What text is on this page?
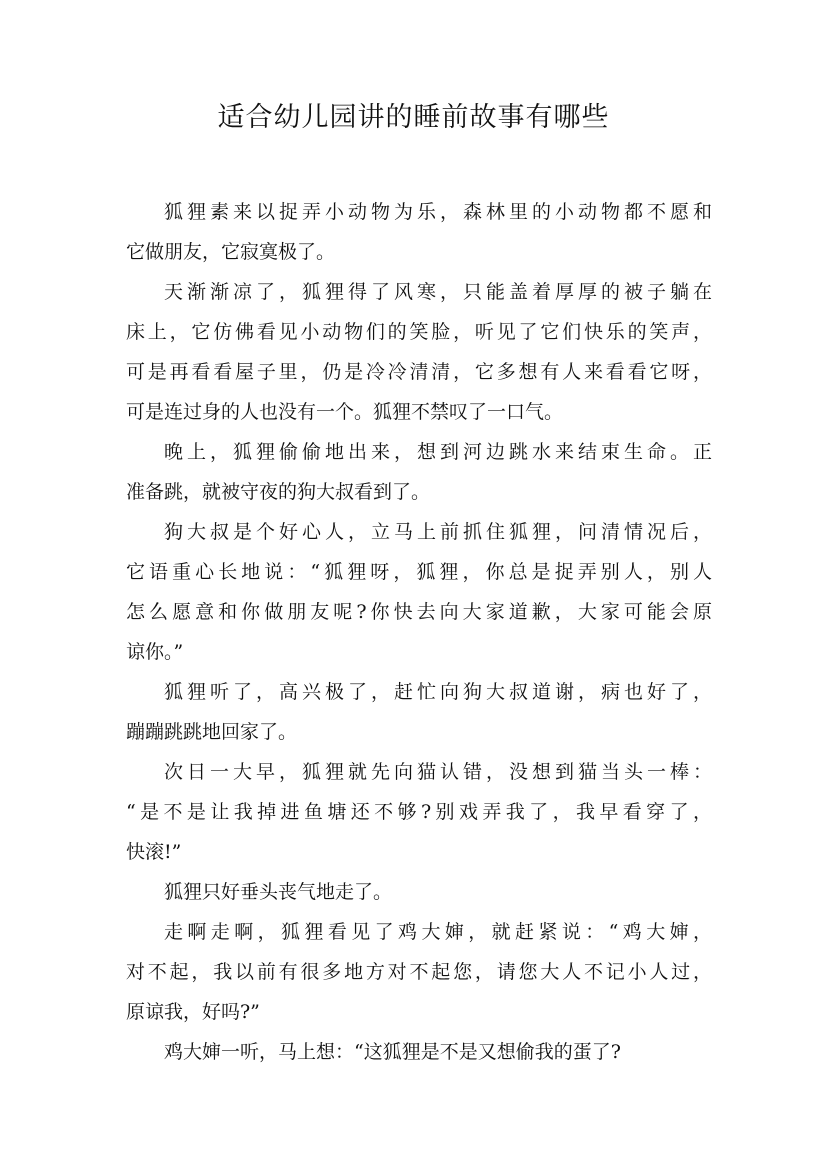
适合幼儿园讲的睡前故事有哪些
狐狸素来以捉弄小动物为乐，森林里的小动物都不愿和
它做朋友，它寂寞极了。
天渐渐凉了，狐狸得了风寒，只能盖着厚厚的被子躺在
床上，它仿佛看见小动物们的笑脸，听见了它们快乐的笑声，
可是再看看屋子里，仍是冷冷清清，它多想有人来看看它呀，
可是连过身的人也没有一个。狐狸不禁叹了一口气。
晚上，狐狸偷偷地出来，想到河边跳水来结束生命。正
准备跳，就被守夜的狗大叔看到了。
狗大叔是个好心人，立马上前抓住狐狸，问清情况后，
它语重心长地说：“狐狸呀，狐狸，你总是捉弄别人，别人
怎么愿意和你做朋友呢?你快去向大家道歉，大家可能会原
谅你。”
狐狸听了，高兴极了，赶忙向狗大叔道谢，病也好了，
蹦蹦跳跳地回家了。
次日一大早，狐狸就先向猫认错，没想到猫当头一棒：
“是不是让我掉进鱼塘还不够?别戏弄我了，我早看穿了，
快滚!”
狐狸只好垂头丧气地走了。
走啊走啊，狐狸看见了鸡大婶，就赶紧说：“鸡大婶，
对不起，我以前有很多地方对不起您，请您大人不记小人过，
原谅我，好吗?”
鸡大婶一听，马上想：“这狐狸是不是又想偷我的蛋了?
